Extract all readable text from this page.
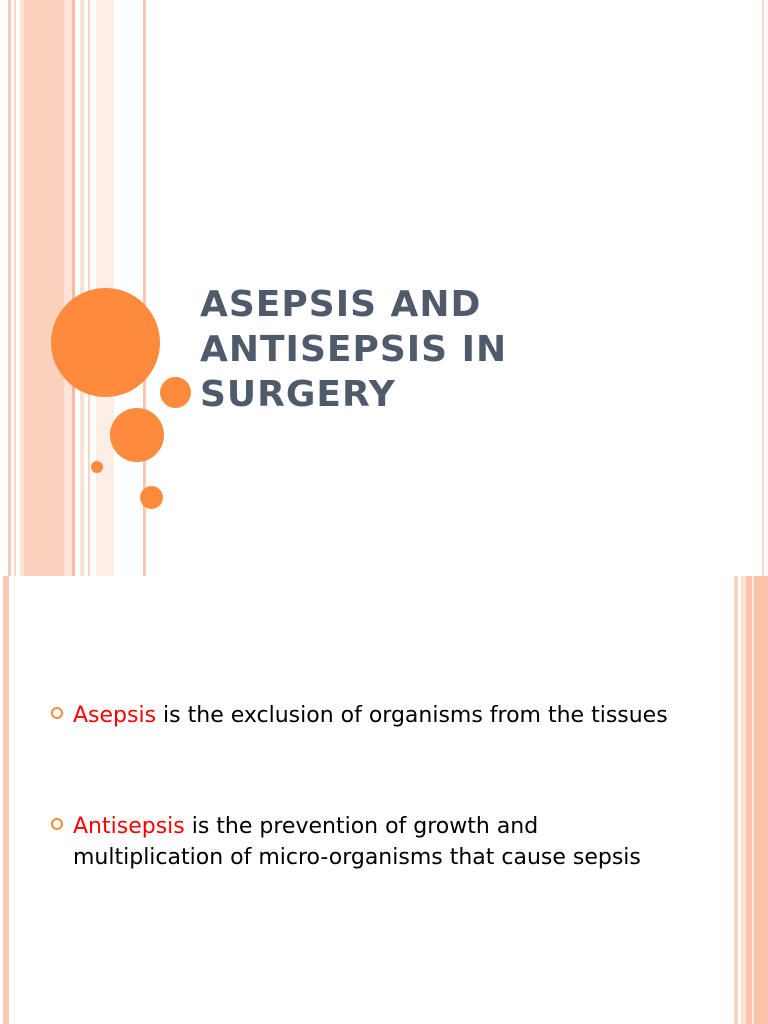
ASEPSIS AND
ANTISEPSIS IN
SURGERY
Asepsis is the exclusion of organisms from the tissues
Antisepsis is the prevention of growth and multiplication of micro-organisms that cause sepsis
